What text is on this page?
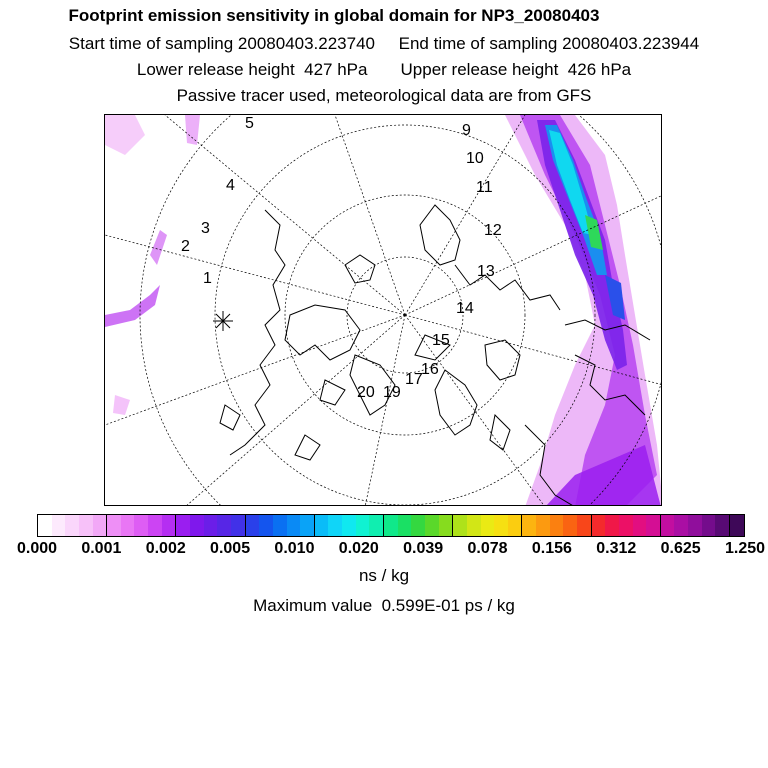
Footprint emission sensitivity in global domain for NP3_20080403
Start time of sampling 20080403.223740     End time of sampling 20080403.223944
Lower release height  427 hPa       Upper release height  426 hPa
Passive tracer used, meteorological data are from GFS
1
2
3
4
5	9
10
11
12
13
14
15
16
17
19
20
0.000 0.001 0.002 0.005 0.010 0.020 0.039 0.078 0.156 0.312 0.625 1.250
ns / kg
Maximum value  0.599E-01 ps / kg
